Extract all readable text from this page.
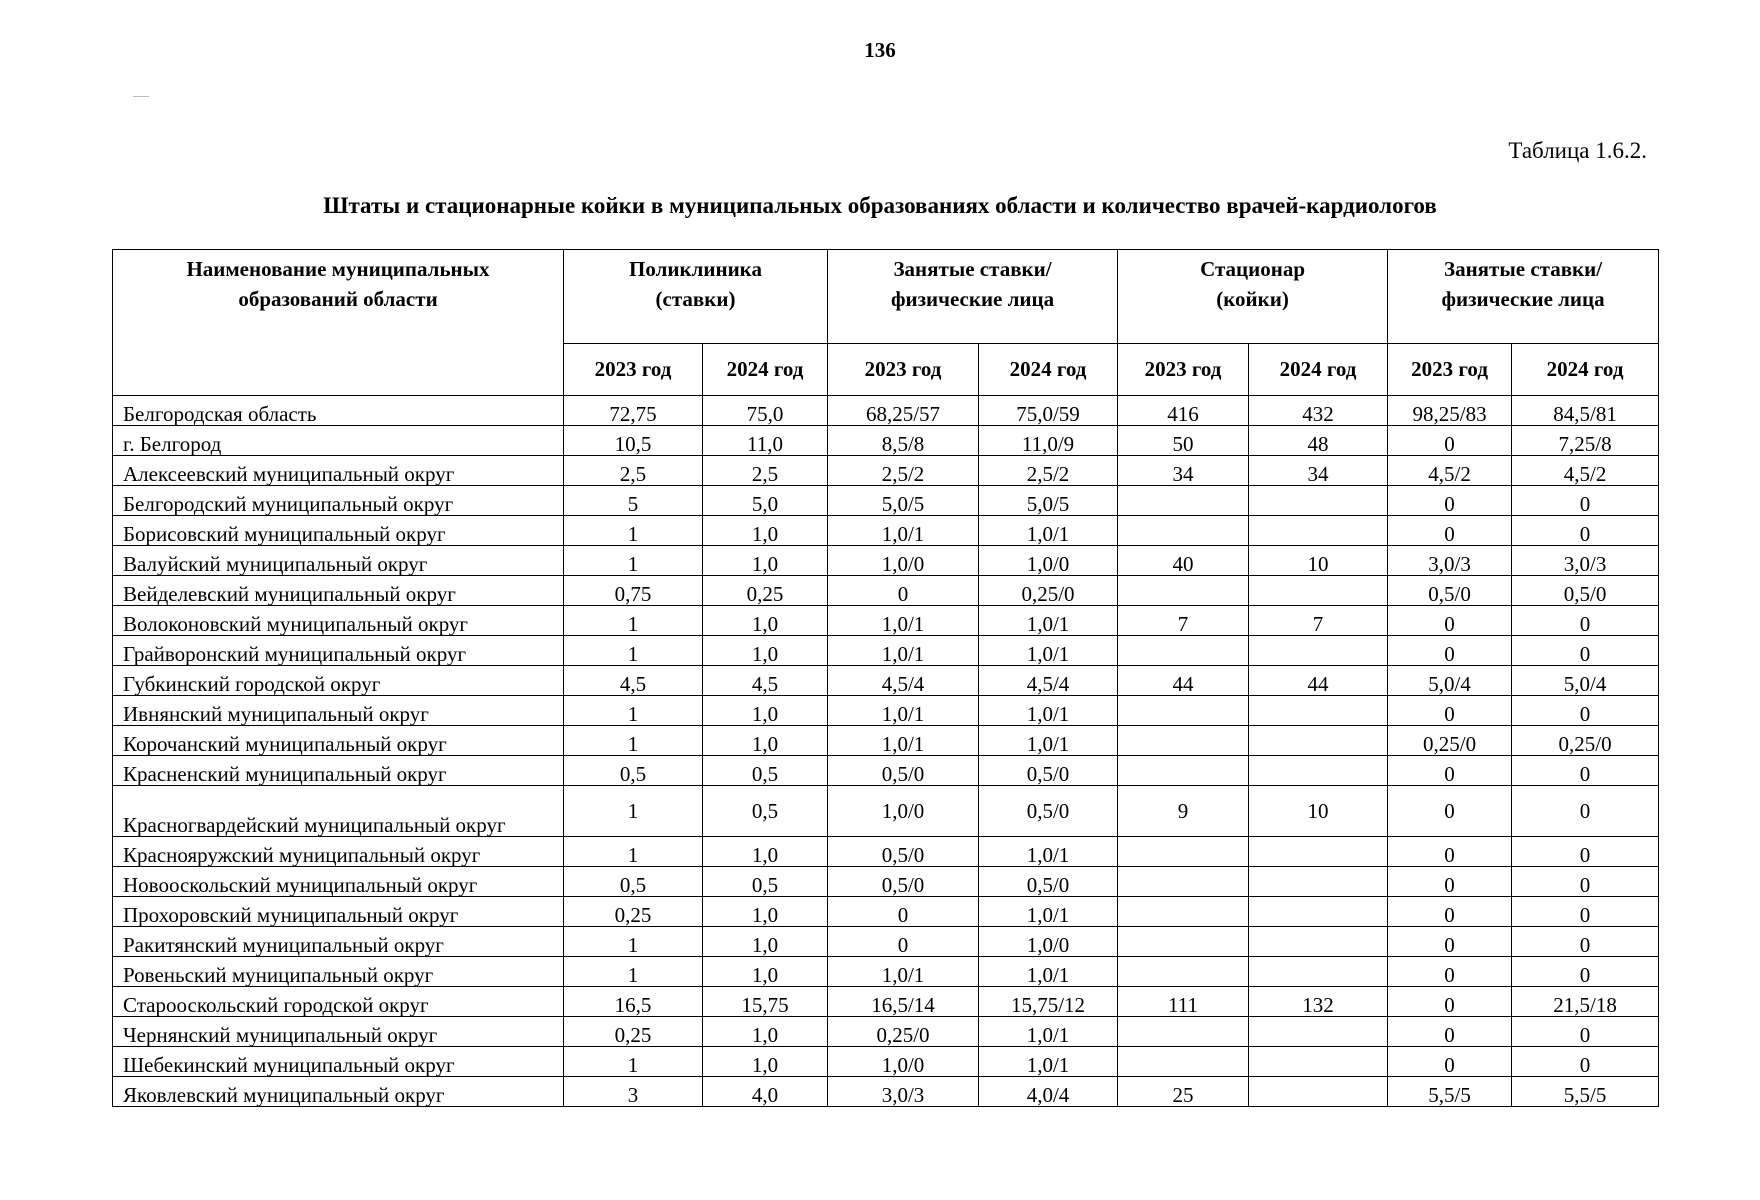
136
Таблица 1.6.2.
Штаты и стационарные койки в муниципальных образованиях области и количество врачей-кардиологов
Наименование муниципальных образований области	Поликлиника (ставки)		Занятые ставки/ физические лица		Стационар (койки)		Занятые ставки/ физические лица	
	2023 год	2024 год	2023 год	2024 год	2023 год	2024 год	2023 год	2024 год
Белгородская область	72,75	75,0	68,25/57	75,0/59	416	432	98,25/83	84,5/81
г. Белгород	10,5	11,0	8,5/8	11,0/9	50	48	0	7,25/8
Алексеевский муниципальный округ	2,5	2,5	2,5/2	2,5/2	34	34	4,5/2	4,5/2
Белгородский муниципальный округ	5	5,0	5,0/5	5,0/5			0	0
Борисовский муниципальный округ	1	1,0	1,0/1	1,0/1			0	0
Валуйский муниципальный округ	1	1,0	1,0/0	1,0/0	40	10	3,0/3	3,0/3
Вейделевский муниципальный округ	0,75	0,25	0	0,25/0			0,5/0	0,5/0
Волоконовский муниципальный округ	1	1,0	1,0/1	1,0/1	7	7	0	0
Грайворонский муниципальный округ	1	1,0	1,0/1	1,0/1			0	0
Губкинский городской округ	4,5	4,5	4,5/4	4,5/4	44	44	5,0/4	5,0/4
Ивнянский муниципальный округ	1	1,0	1,0/1	1,0/1			0	0
Корочанский муниципальный округ	1	1,0	1,0/1	1,0/1			0,25/0	0,25/0
Красненский муниципальный округ	0,5	0,5	0,5/0	0,5/0			0	0
Красногвардейский муниципальный округ	1	0,5	1,0/0	0,5/0	9	10	0	0
Краснояружский муниципальный округ	1	1,0	0,5/0	1,0/1			0	0
Новооскольский муниципальный округ	0,5	0,5	0,5/0	0,5/0			0	0
Прохоровский муниципальный округ	0,25	1,0	0	1,0/1			0	0
Ракитянский муниципальный округ	1	1,0	0	1,0/0			0	0
Ровеньский муниципальный округ	1	1,0	1,0/1	1,0/1			0	0
Старооскольский городской округ	16,5	15,75	16,5/14	15,75/12	111	132	0	21,5/18
Чернянский муниципальный округ	0,25	1,0	0,25/0	1,0/1			0	0
Шебекинский муниципальный округ	1	1,0	1,0/0	1,0/1			0	0
Яковлевский муниципальный округ	3	4,0	3,0/3	4,0/4	25		5,5/5	5,5/5
